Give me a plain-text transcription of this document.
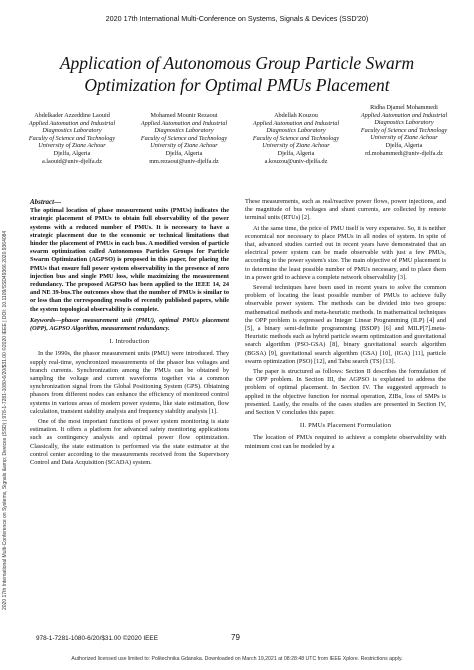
2020 17th International Multi-Conference on Systems, Signals & Devices (SSD'20)
Application of Autonomous Group Particle Swarm Optimization for Optimal PMUs Placement
Abdelkader Azzeddine Laouid
Applied Automation and Industrial Diagnostics Laboratory
Faculty of Science and Technology University of Ziane Achour
Djelfa, Algeria
a.laouid@univ-djelfa.dz
Mohamed Mounir Rezaoui
Applied Automation and Industrial Diagnostics Laboratory
Faculty of Science and Technology University of Ziane Achour
Djelfa, Algeria
mm.rezaoui@univ-djelfa.dz
Abdellah Kouzou
Applied Automation and Industrial Diagnostics Laboratory
Faculty of Science and Technology University of Ziane Achour
Djelfa, Algeria
a.kouzou@univ-djelfa.dz
Ridha Djamel Mohammedi
Applied Automation and Industrial Diagnostics Laboratory
Faculty of Science and Technology University of Ziane Achour
Djelfa, Algeria
rd.mohammedi@univ-djelfa.dz
2020 17th International Multi-Conference on Systems, Signals &amp; Devices (SSD) | 978-1-7281-1080-6/20/$31.00 ©2020 IEEE | DOI: 10.1109/SSD49366.2020.9364084
Abstract—
The optimal location of phase measurement units (PMUs) indicates the strategic placement of PMUs to obtain full observability of the power systems with a reduced number of PMUs. It is necessary to have a strategic placement due to the economic or technical limitations that hinder the placement of PMUs in each bus. A modified version of particle swarm optimization called Autonomous Particles Groups for Particle Swarm Optimization (AGPSO) is proposed in this paper, for placing the PMUs that ensure full power system observability in the presence of zero injection bus and single PMU loss, while maximizing the measurement redundancy. The proposed AGPSO has been applied to the IEEE 14, 24 and NE 39-bus.The outcomes show that the number of PMUs is similar to or less than the corresponding results of recently published papers, while the system topological observability is complete.
Keywords—phasor measurement unit (PMU), optimal PMUs placement (OPP), AGPSO Algorithm, measurement redundancy.
I. Introduction

In the 1990s, the phasor measurement units (PMU) were introduced. They supply real-time, synchronized measurements of the phasor bus voltages and branch currents. Synchronization among the PMUs can be obtained by sampling the voltage and current waveforms together via a common synchronization signal from the Global Positioning System (GPS). Obtaining phasors from different nodes can enhance the efficiency of monitored control systems in various areas of modern power systems, like state estimation, flow calculation, transient stability analysis and frequency stability analysis [1].

One of the most important functions of power system monitoring is state estimation. It offers a platform for advanced safety monitoring applications such as contingency analysis and optimal power flow optimization. Classically, the state estimation is performed via the state estimator at the control center according to the measurements received from the Supervisory Control and Data Acquisition (SCADA) system.

These measurements, such as real/reactive power flows, power injections, and the magnitude of bus voltages and shunt currents, are collected by remote terminal units (RTUs) [2].

At the same time, the price of PMU itself is very expensive. So, it is neither economical nor necessary to place PMUs in all nodes of system. In spite of that, advanced studies carried out in recent years have demonstrated that an electrical power system can be made observable with just a few PMUs, according to the power system's size. The main objective of PMU placement is to determine the least possible number of PMUs necessary, and to place them in a power grid to achieve a complete network observability [3].

Several techniques have been used in recent years to solve the common problem of locating the least possible number of PMUs to achieve fully observable power system. The methods can be divided into two groups: mathematical methods and meta-heuristic methods. In mathematical techniques the OPP problem is expressed as Integer Linear Programming (ILP) [4] and [5], a binary semi-definite programming (BSDP) [6] and MILP[7].meta-Heuristic methods such as hybrid particle swarm optimization and gravitational search algorithm (PSO-GSA) [8], binary gravitational search algorithm (BGSA) [9], gravitational search algorithm (GSA) [10], (IGA) [11], particle swarm optimization (PSO) [12], and Tabu search (TS) [13].

The paper is structured as follows: Section II describes the formulation of the OPP problem. In Section III, the AGPSO is explained to address the problem of optimal placement. In Section IV. The suggested approach is applied in the objective function for normal operation, ZIBs, loss of SMPs is presented. Lastly, the results of the cases studies are presented in Section IV, and Section V concludes this paper.

II. PMUs Placement Formulation

The location of PMUs required to achieve a complete observability with minimum cost can be modeled by a

978-1-7281-1080-6/20/$31.00 ©2020 IEEE	79
Authorized licensed use limited to: Politechnika Gdanska. Downloaded on March 19,2021 at 08:28:48 UTC from IEEE Xplore. Restrictions apply.
